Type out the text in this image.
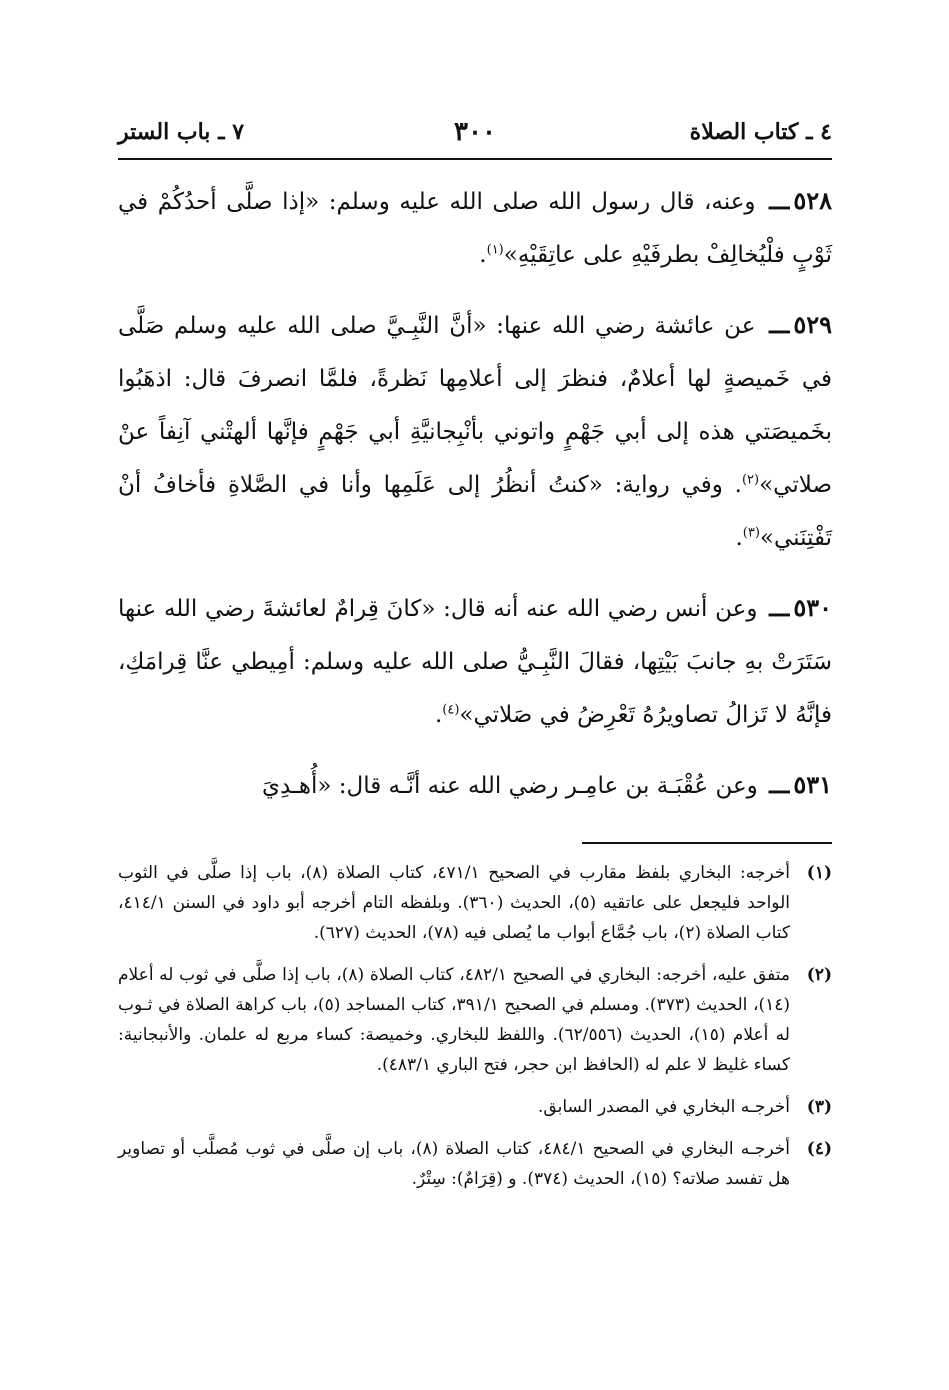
٤ ـ كتاب الصلاة
٣٠٠
٧ ـ باب الستر

٥٢٨ـــ وعنه، قال رسول الله صلى الله عليه وسلم: «إذا صلَّى أحدُكُمْ في ثَوْبٍ فلْيُخالِفْ بطرفَيْهِ على عاتِقَيْهِ»$^{(١)}$.

٥٢٩ـــ عن عائشة رضي الله عنها: «أنَّ النَّبِـيَّ صلى الله عليه وسلم صَلَّى في خَميصةٍ لها أعلامٌ، فنظرَ إلى أعلامِها نَظرةً، فلمَّا انصرفَ قال: اذهَبُوا بخَميصَتي هذه إلى أبي جَهْمٍ واتوني بأنْبِجانيَّةِ أبي جَهْمٍ فإنَّها ألهتْني آنِفاً عنْ صلاتي»$^{(٢)}$. وفي رواية: «كنتُ أنظُرُ إلى عَلَمِها وأنا في الصَّلاةِ فأخافُ أنْ تَفْتِنَني»$^{(٣)}$.

٥٣٠ـــ وعن أنس رضي الله عنه أنه قال: «كانَ قِرامٌ لعائشةَ رضي الله عنها سَتَرَتْ بهِ جانبَ بَيْتِها، فقالَ النَّبِـيُّ صلى الله عليه وسلم: أمِيطي عنَّا قِرامَكِ، فإنَّهُ لا تَزالُ تصاويرُهُ تَعْرِضُ في صَلاتي»$^{(٤)}$.

٥٣١ـــ وعن عُقْبَـة بن عامِـر رضي الله عنه أنَّـه قال: «أُهـدِيَ

(١)
أخرجه: البخاري بلفظ مقارب في الصحيح ٤٧١/١، كتاب الصلاة (٨)، باب إذا صلَّى في الثوب الواحد فليجعل على عاتقيه (٥)، الحديث (٣٦٠). وبلفظه التام أخرجه أبو داود في السنن ٤١٤/١، كتاب الصلاة (٢)، باب جُمَّاع أبواب ما يُصلى فيه (٧٨)، الحديث (٦٢٧).
(٢)
متفق عليه، أخرجه: البخاري في الصحيح ٤٨٢/١، كتاب الصلاة (٨)، باب إذا صلَّى في ثوب له أعلام (١٤)، الحديث (٣٧٣). ومسلم في الصحيح ٣٩١/١، كتاب المساجد (٥)، باب كراهة الصلاة في ثـوب له أعلام (١٥)، الحديث (٦٢/٥٥٦). واللفظ للبخاري. وخميصة: كساء مربع له علمان. والأنبجانية: كساء غليظ لا علم له (الحافظ ابن حجر، فتح الباري ٤٨٣/١).
(٣)
أخرجـه البخاري في المصدر السابق.
(٤)
أخرجـه البخاري في الصحيح ٤٨٤/١، كتاب الصلاة (٨)، باب إن صلَّى في ثوب مُصلَّب أو تصاوير هل تفسد صلاته؟ (١٥)، الحديث (٣٧٤). و (قِرَامٌ): سِتْرٌ.
